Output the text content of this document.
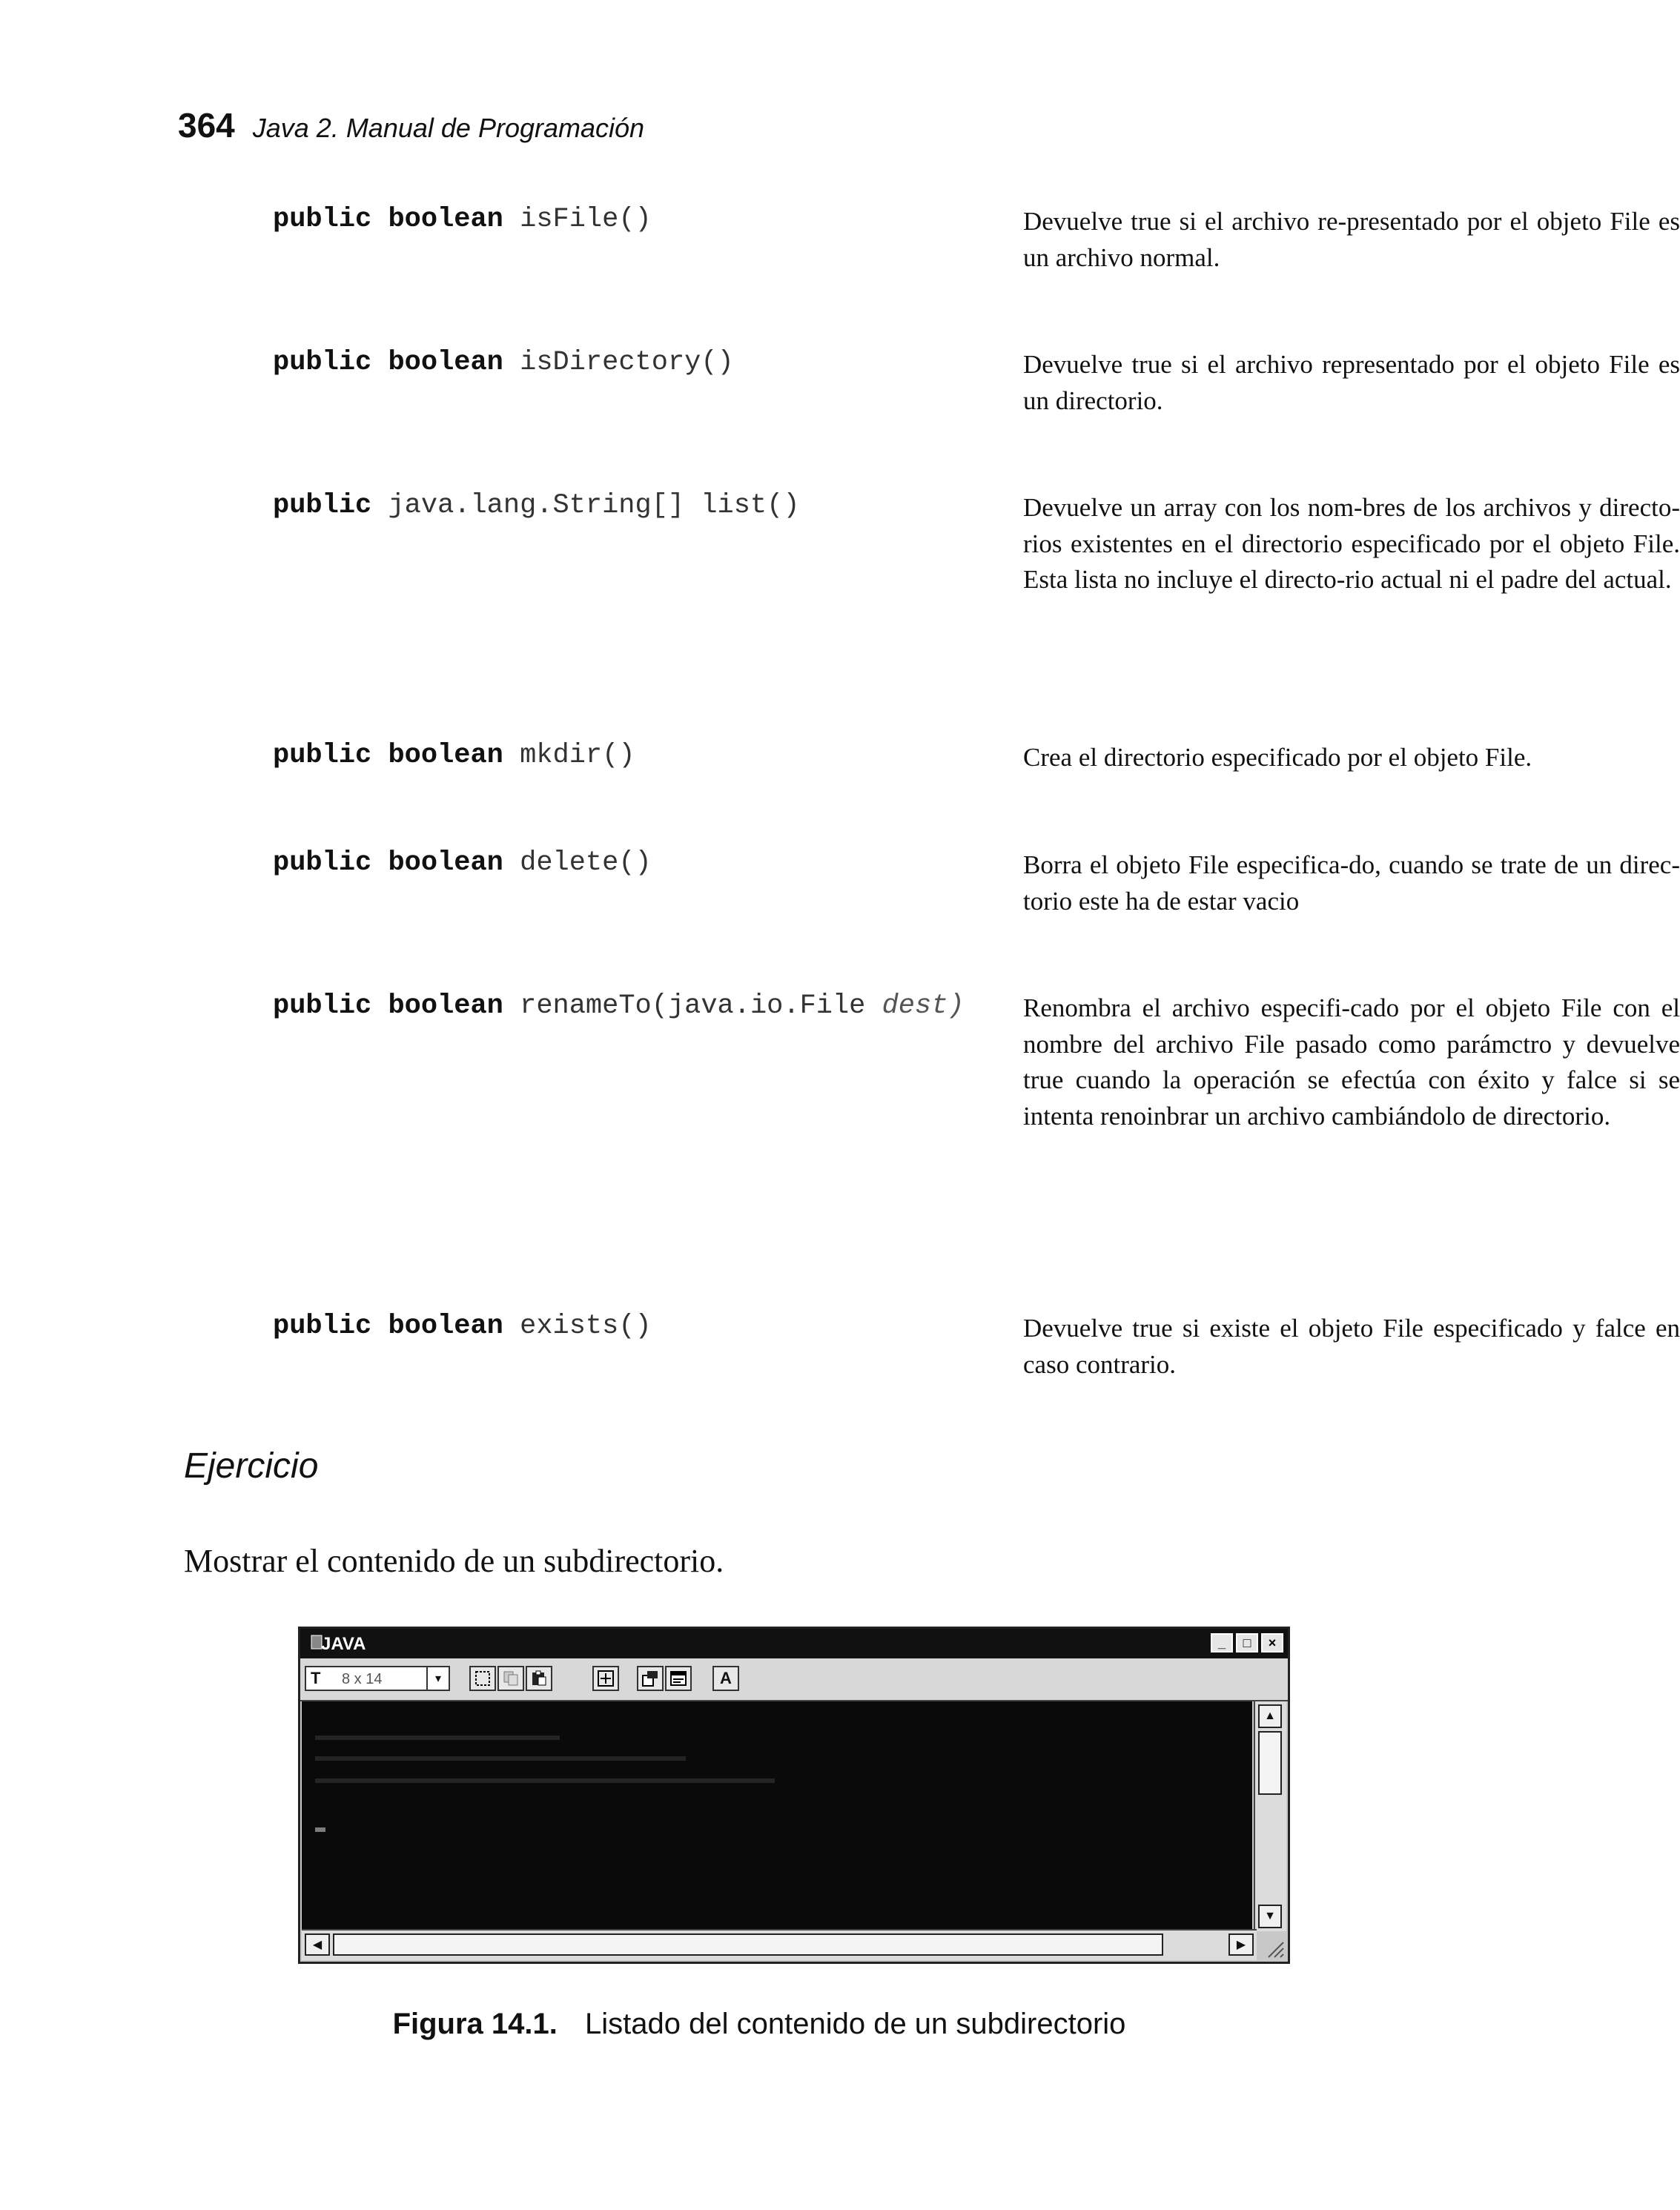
364 Java 2. Manual de Programación
public boolean isFile()	Devuelve true si el archivo re-presentado por el objeto File es un archivo normal.
public boolean isDirectory()	Devuelve true si el archivo representado por el objeto File es un directorio.
public java.lang.String[] list()	Devuelve un array con los nom-bres de los archivos y directo-rios existentes en el directorio especificado por el objeto File. Esta lista no incluye el directo-rio actual ni el padre del actual.
public boolean mkdir()	Crea el directorio especificado por el objeto File.
public boolean delete()	Borra el objeto File especifica-do, cuando se trate de un direc-torio este ha de estar vacio
public boolean renameTo(java.io.File dest)	Renombra el archivo especifi-cado por el objeto File con el nombre del archivo File pasado como parámctro y devuelve true cuando la operación se efectúa con éxito y falce si se intenta renoinbrar un archivo cambiándolo de directorio.
public boolean exists()	Devuelve true si existe el objeto File especificado y falce en caso contrario.
Ejercicio
Mostrar el contenido de un subdirectorio.
JAVA	_	□	×
T 8 x 14	▾	A
▲
▼
◀	▶
Figura 14.1. Listado del contenido de un subdirectorio
